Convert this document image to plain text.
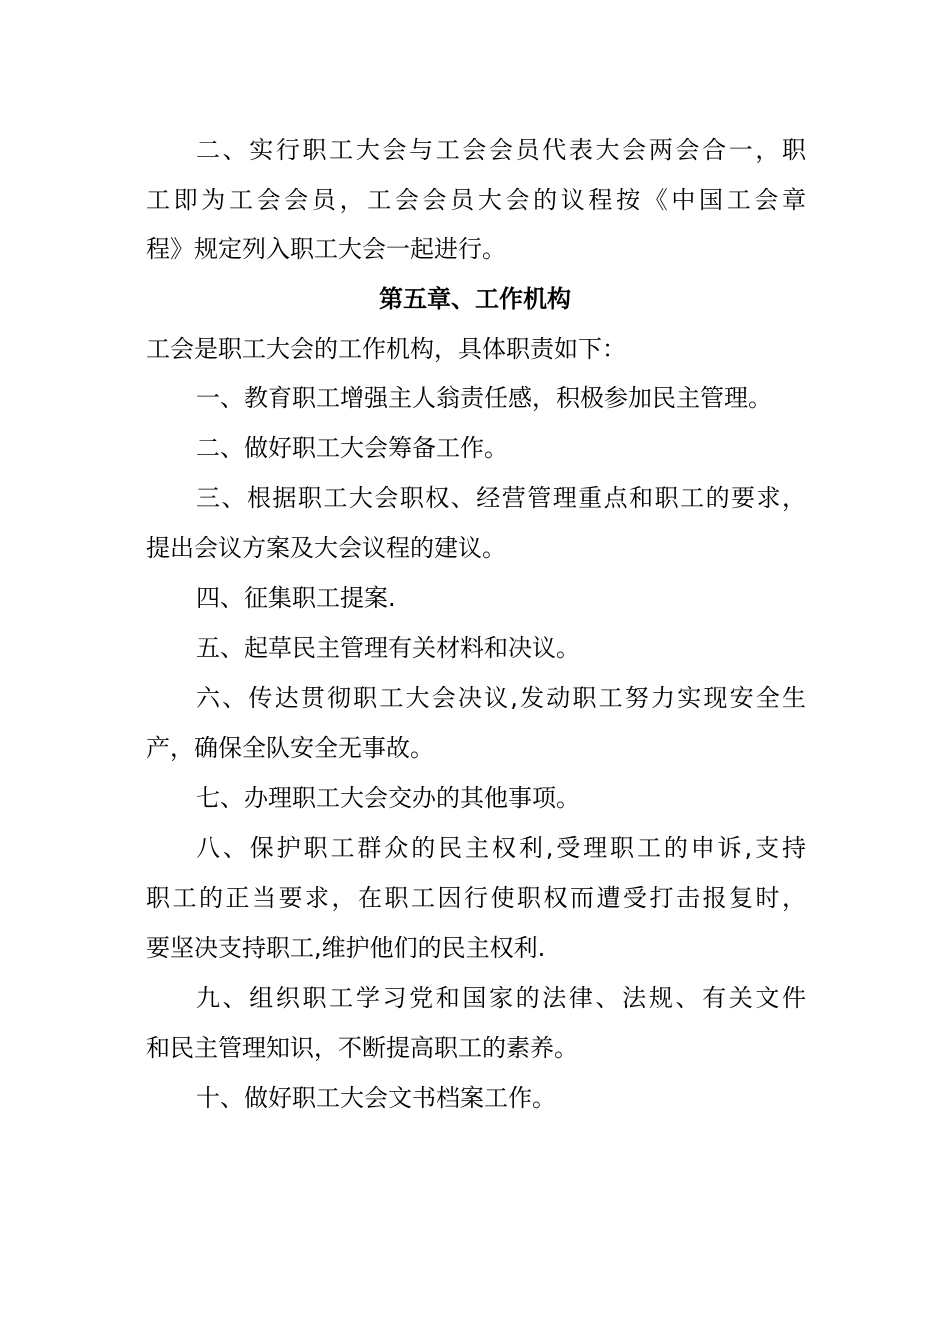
二、实行职工大会与工会会员代表大会两会合一，职
工即为工会会员，工会会员大会的议程按《中国工会章
程》规定列入职工大会一起进行。
第五章、工作机构
工会是职工大会的工作机构，具体职责如下：
一、教育职工增强主人翁责任感，积极参加民主管理。
二、做好职工大会筹备工作。
三、根据职工大会职权、经营管理重点和职工的要求，
提出会议方案及大会议程的建议。
四、征集职工提案.
五、起草民主管理有关材料和决议。
六、传达贯彻职工大会决议,发动职工努力实现安全生
产，确保全队安全无事故。
七、办理职工大会交办的其他事项。
八、保护职工群众的民主权利,受理职工的申诉,支持
职工的正当要求，在职工因行使职权而遭受打击报复时，
要坚决支持职工,维护他们的民主权利.
九、组织职工学习党和国家的法律、法规、有关文件
和民主管理知识，不断提高职工的素养。
十、做好职工大会文书档案工作。
